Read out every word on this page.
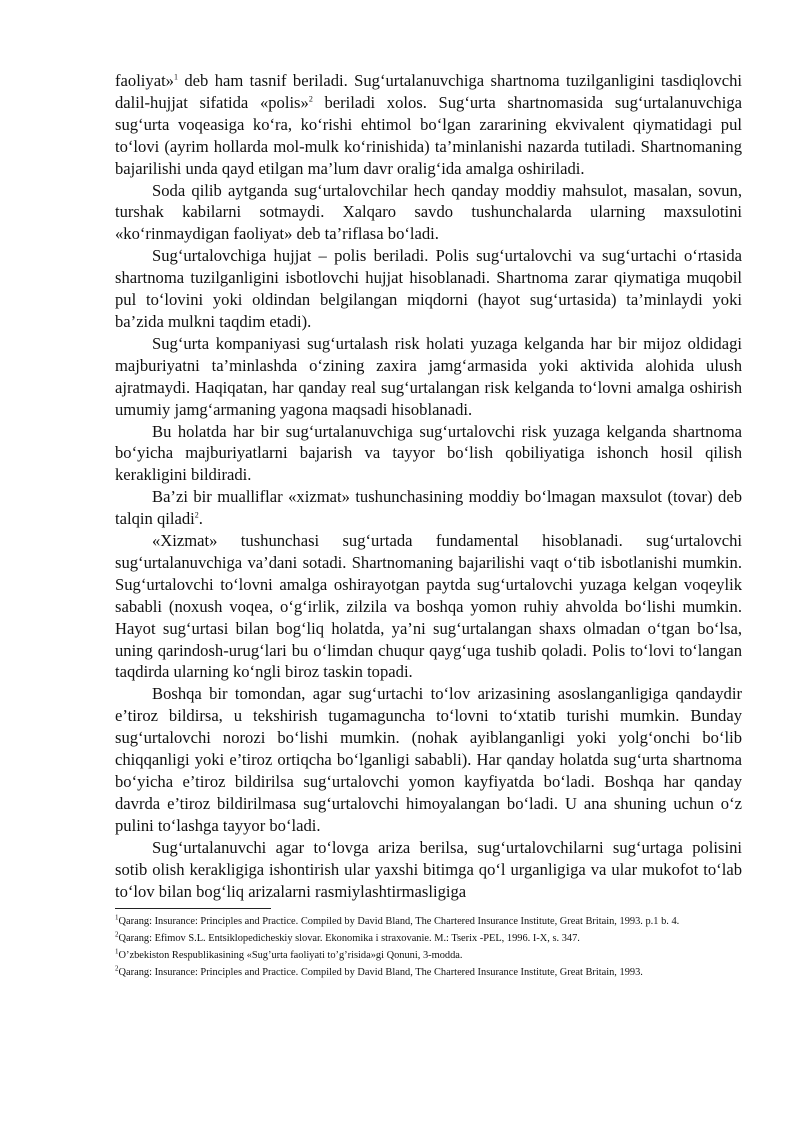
faoliyat»$^1$ deb ham tasnif beriladi. Sug‘urtalanuvchiga shartnoma tuzilganligini tasdiqlovchi dalil-hujjat sifatida «polis»$^2$ beriladi xolos. Sug‘urta shartnomasida sug‘urtalanuvchiga sug‘urta voqeasiga ko‘ra, ko‘rishi ehtimol bo‘lgan zararining ekvivalent qiymatidagi pul to‘lovi (ayrim hollarda mol-mulk ko‘rinishida) ta’minlanishi nazarda tutiladi. Shartnomaning bajarilishi unda qayd etilgan ma’lum davr oralig‘ida amalga oshiriladi.

Soda qilib aytganda sug‘urtalovchilar hech qanday moddiy mahsulot, masalan, sovun, turshak kabilarni sotmaydi. Xalqaro savdo tushunchalarda ularning maxsulotini «ko‘rinmaydigan faoliyat» deb ta’riflasa bo‘ladi.

Sug‘urtalovchiga hujjat – polis beriladi. Polis sug‘urtalovchi va sug‘urtachi o‘rtasida shartnoma tuzilganligini isbotlovchi hujjat hisoblanadi. Shartnoma zarar qiymatiga muqobil pul to‘lovini yoki oldindan belgilangan miqdorni (hayot sug‘urtasida) ta’minlaydi yoki ba’zida mulkni taqdim etadi).

Sug‘urta kompaniyasi sug‘urtalash risk holati yuzaga kelganda har bir mijoz oldidagi majburiyatni ta’minlashda o‘zining zaxira jamg‘armasida yoki aktivida alohida ulush ajratmaydi. Haqiqatan, har qanday real sug‘urtalangan risk kelganda to‘lovni amalga oshirish umumiy jamg‘armaning yagona maqsadi hisoblanadi.

Bu holatda har bir sug‘urtalanuvchiga sug‘urtalovchi risk yuzaga kelganda shartnoma bo‘yicha majburiyatlarni bajarish va tayyor bo‘lish qobiliyatiga ishonch hosil qilish kerakligini bildiradi.

Ba’zi bir mualliflar «xizmat» tushunchasining moddiy bo‘lmagan maxsulot (tovar) deb talqin qiladi$^2$.

«Xizmat» tushunchasi sug‘urtada fundamental hisoblanadi. sug‘urtalovchi sug‘urtalanuvchiga va’dani sotadi. Shartnomaning bajarilishi vaqt o‘tib isbotlanishi mumkin. Sug‘urtalovchi to‘lovni amalga oshirayotgan paytda sug‘urtalovchi yuzaga kelgan voqeylik sababli (noxush voqea, o‘g‘irlik, zilzila va boshqa yomon ruhiy ahvolda bo‘lishi mumkin. Hayot sug‘urtasi bilan bog‘liq holatda, ya’ni sug‘urtalangan shaxs olmadan o‘tgan bo‘lsa, uning qarindosh-urug‘lari bu o‘limdan chuqur qayg‘uga tushib qoladi. Polis to‘lovi to‘langan taqdirda ularning ko‘ngli biroz taskin topadi.

Boshqa bir tomondan, agar sug‘urtachi to‘lov arizasining asoslanganligiga qandaydir e’tiroz bildirsa, u tekshirish tugamaguncha to‘lovni to‘xtatib turishi mumkin. Bunday sug‘urtalovchi norozi bo‘lishi mumkin. (nohak ayiblanganligi yoki yolg‘onchi bo‘lib chiqqanligi yoki e’tiroz ortiqcha bo‘lganligi sababli). Har qanday holatda sug‘urta shartnoma bo‘yicha e’tiroz bildirilsa sug‘urtalovchi yomon kayfiyatda bo‘ladi. Boshqa har qanday davrda e’tiroz bildirilmasa sug‘urtalovchi himoyalangan bo‘ladi. U ana shuning uchun o‘z pulini to‘lashga tayyor bo‘ladi.

Sug‘urtalanuvchi agar to‘lovga ariza berilsa, sug‘urtalovchilarni sug‘urtaga polisini sotib olish kerakligiga ishontirish ular yaxshi bitimga qo‘l urganligiga va ular mukofot to‘lab to‘lov bilan bog‘liq arizalarni rasmiylashtirmasligiga

$^1$Qarang: Insurance: Principles and Practice. Compiled by David Bland, The Chartered Insurance Institute, Great Britain, 1993. p.1 b. 4.

$^2$Qarang: Efimov S.L. Entsiklopedicheskiy slovar. Ekonomika i straxovanie. M.: Tserix -PEL, 1996. I-X, s. 347.

$^1$O’zbekiston Respublikasining «Sug’urta faoliyati to’g’risida»gi Qonuni, 3-modda.

$^2$Qarang: Insurance: Principles and Practice. Compiled by David Bland, The Chartered Insurance Institute, Great Britain, 1993.
